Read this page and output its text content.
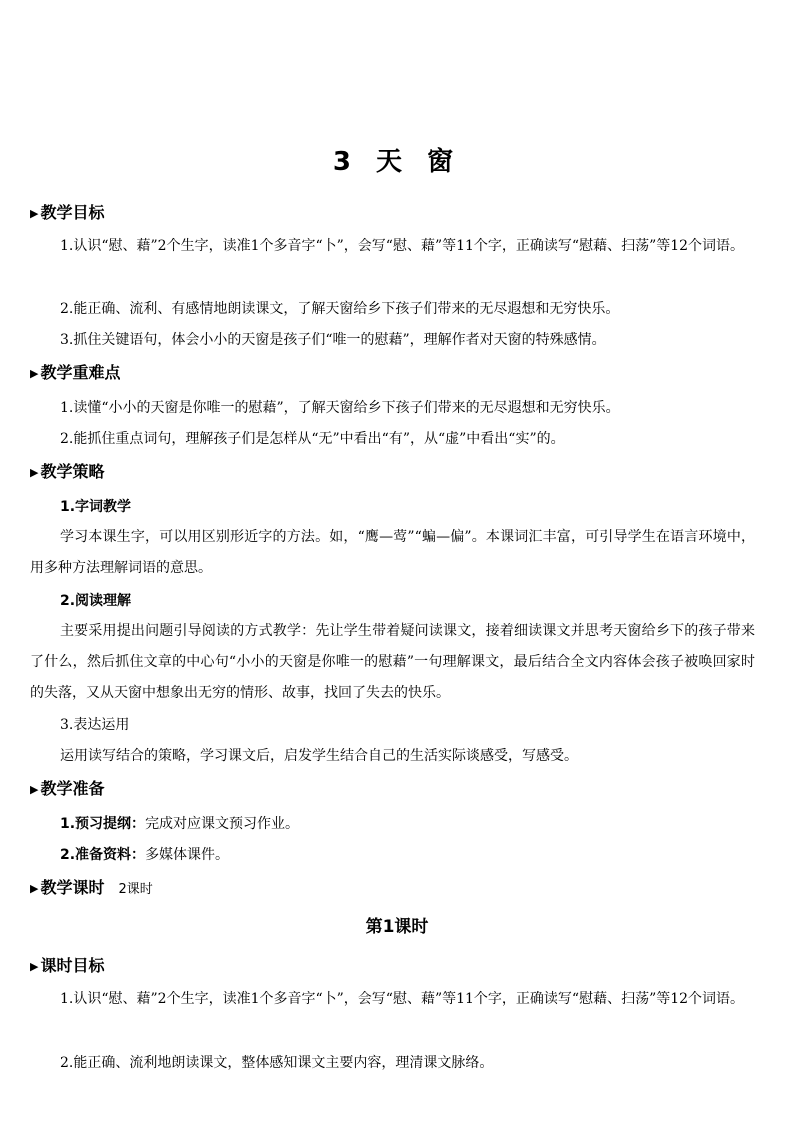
3 天 窗
▶ 教学目标
1.认识“慰、藉”2个生字，读准1个多音字“卜”，会写“慰、藉”等11个字，正确读写“慰藉、扫荡”等12个词语。
2.能正确、流利、有感情地朗读课文，了解天窗给乡下孩子们带来的无尽遐想和无穷快乐。
3.抓住关键语句，体会小小的天窗是孩子们“唯一的慰藉”，理解作者对天窗的特殊感情。
▶ 教学重难点
1.读懂“小小的天窗是你唯一的慰藉”，了解天窗给乡下孩子们带来的无尽遐想和无穷快乐。
2.能抓住重点词句，理解孩子们是怎样从“无”中看出“有”，从“虚”中看出“实”的。
▶ 教学策略
1.字词教学
学习本课生字，可以用区别形近字的方法。如，“鹰—莺”“蝙—偏”。本课词汇丰富，可引导学生在语言环境中，用多种方法理解词语的意思。
2.阅读理解
主要采用提出问题引导阅读的方式教学：先让学生带着疑问读课文，接着细读课文并思考天窗给乡下的孩子带来了什么，然后抓住文章的中心句“小小的天窗是你唯一的慰藉”一句理解课文，最后结合全文内容体会孩子被唤回家时的失落，又从天窗中想象出无穷的情形、故事，找回了失去的快乐。
3.表达运用
运用读写结合的策略，学习课文后，启发学生结合自己的生活实际谈感受，写感受。
▶ 教学准备
1.预习提纲：完成对应课文预习作业。
2.准备资料：多媒体课件。
▶ 教学课时 2课时
第1课时
▶ 课时目标
1.认识“慰、藉”2个生字，读准1个多音字“卜”，会写“慰、藉”等11个字，正确读写“慰藉、扫荡”等12个词语。
2.能正确、流利地朗读课文，整体感知课文主要内容，理清课文脉络。
